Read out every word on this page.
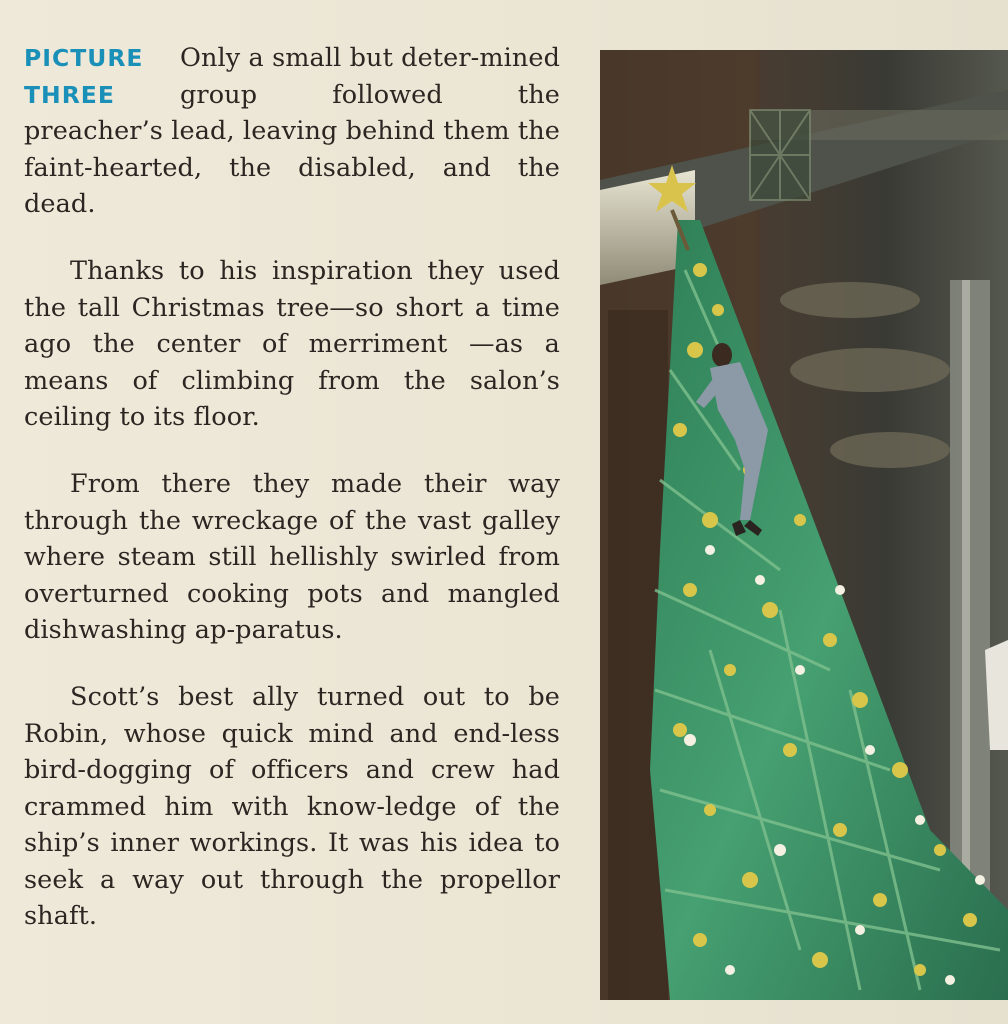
PICTURE
THREE

Only a small but deter-mined group followed the preacher’s lead, leaving behind them the faint-hearted, the disabled, and the dead.

Thanks to his inspiration they used the tall Christmas tree—so short a time ago the center of merriment —as a means of climbing from the salon’s ceiling to its floor.

From there they made their way through the wreckage of the vast galley where steam still hellishly swirled from overturned cooking pots and mangled dishwashing ap-paratus.

Scott’s best ally turned out to be Robin, whose quick mind and end-less bird-dogging of officers and crew had crammed him with know-ledge of the ship’s inner workings. It was his idea to seek a way out through the propellor shaft.
